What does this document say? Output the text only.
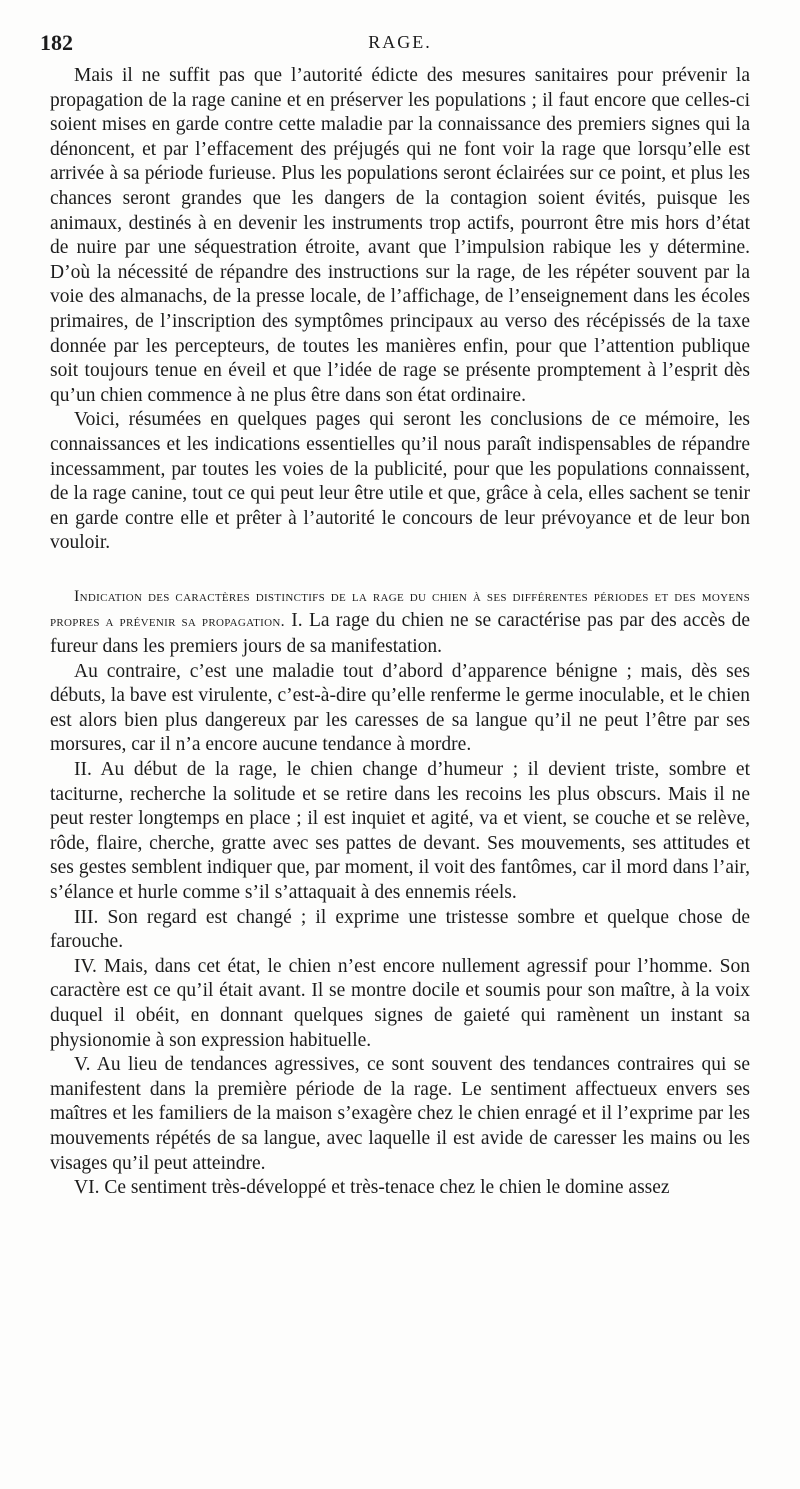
182	RAGE.

Mais il ne suffit pas que l’autorité édicte des mesures sanitaires pour prévenir la propagation de la rage canine et en préserver les populations ; il faut encore que celles-ci soient mises en garde contre cette maladie par la connaissance des premiers signes qui la dénoncent, et par l’effacement des préjugés qui ne font voir la rage que lorsqu’elle est arrivée à sa période furieuse. Plus les populations seront éclairées sur ce point, et plus les chances seront grandes que les dangers de la contagion soient évités, puisque les animaux, destinés à en devenir les instruments trop actifs, pourront être mis hors d’état de nuire par une séquestration étroite, avant que l’impulsion rabique les y détermine. D’où la nécessité de répandre des instructions sur la rage, de les répéter souvent par la voie des almanachs, de la presse locale, de l’affichage, de l’enseignement dans les écoles primaires, de l’inscription des symptômes principaux au verso des récépissés de la taxe donnée par les percepteurs, de toutes les manières enfin, pour que l’attention publique soit toujours tenue en éveil et que l’idée de rage se présente promptement à l’esprit dès qu’un chien commence à ne plus être dans son état ordinaire.

Voici, résumées en quelques pages qui seront les conclusions de ce mémoire, les connaissances et les indications essentielles qu’il nous paraît indispensables de répandre incessamment, par toutes les voies de la publicité, pour que les populations connaissent, de la rage canine, tout ce qui peut leur être utile et que, grâce à cela, elles sachent se tenir en garde contre elle et prêter à l’autorité le concours de leur prévoyance et de leur bon vouloir.

Indication des caractères distinctifs de la rage du chien à ses différentes périodes et des moyens propres a prévenir sa propagation. I. La rage du chien ne se caractérise pas par des accès de fureur dans les premiers jours de sa manifestation.

Au contraire, c’est une maladie tout d’abord d’apparence bénigne ; mais, dès ses débuts, la bave est virulente, c’est-à-dire qu’elle renferme le germe inoculable, et le chien est alors bien plus dangereux par les caresses de sa langue qu’il ne peut l’être par ses morsures, car il n’a encore aucune tendance à mordre.

II. Au début de la rage, le chien change d’humeur ; il devient triste, sombre et taciturne, recherche la solitude et se retire dans les recoins les plus obscurs. Mais il ne peut rester longtemps en place ; il est inquiet et agité, va et vient, se couche et se relève, rôde, flaire, cherche, gratte avec ses pattes de devant. Ses mouvements, ses attitudes et ses gestes semblent indiquer que, par moment, il voit des fantômes, car il mord dans l’air, s’élance et hurle comme s’il s’attaquait à des ennemis réels.

III. Son regard est changé ; il exprime une tristesse sombre et quelque chose de farouche.

IV. Mais, dans cet état, le chien n’est encore nullement agressif pour l’homme. Son caractère est ce qu’il était avant. Il se montre docile et soumis pour son maître, à la voix duquel il obéit, en donnant quelques signes de gaieté qui ramènent un instant sa physionomie à son expression habituelle.

V. Au lieu de tendances agressives, ce sont souvent des tendances contraires qui se manifestent dans la première période de la rage. Le sentiment affectueux envers ses maîtres et les familiers de la maison s’exagère chez le chien enragé et il l’exprime par les mouvements répétés de sa langue, avec laquelle il est avide de caresser les mains ou les visages qu’il peut atteindre.

VI. Ce sentiment très-développé et très-tenace chez le chien le domine assez
